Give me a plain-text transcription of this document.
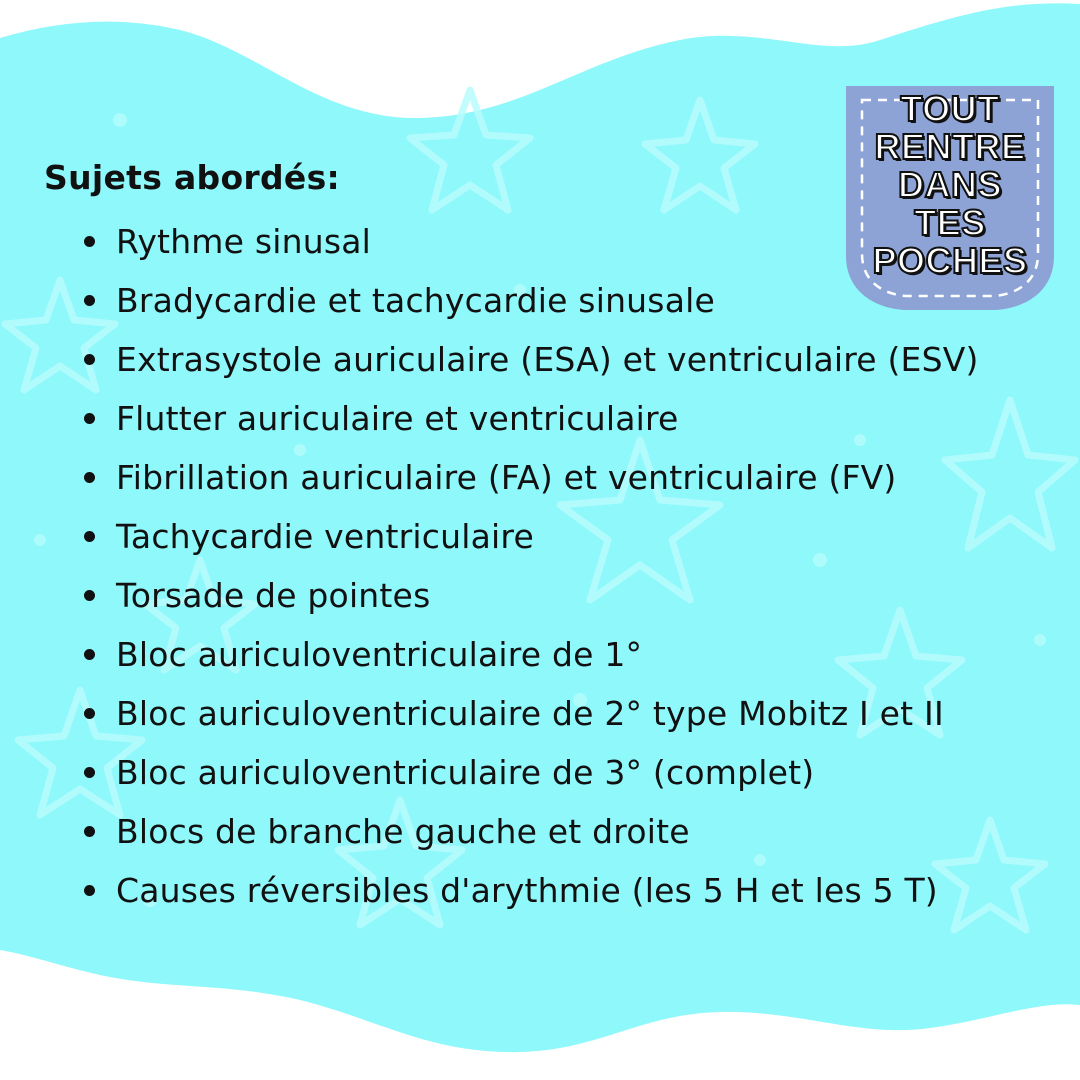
Sujets abordés:
Rythme sinusal
Bradycardie et tachycardie sinusale
Extrasystole auriculaire (ESA) et ventriculaire (ESV)
Flutter auriculaire et ventriculaire
Fibrillation auriculaire (FA) et ventriculaire (FV)
Tachycardie ventriculaire
Torsade de pointes
Bloc auriculoventriculaire de 1°
Bloc auriculoventriculaire de 2° type Mobitz I et II
Bloc auriculoventriculaire de 3° (complet)
Blocs de branche gauche et droite
Causes réversibles d'arythmie (les 5 H et les 5 T)
TOUT
RENTRE
DANS
TES
POCHES
